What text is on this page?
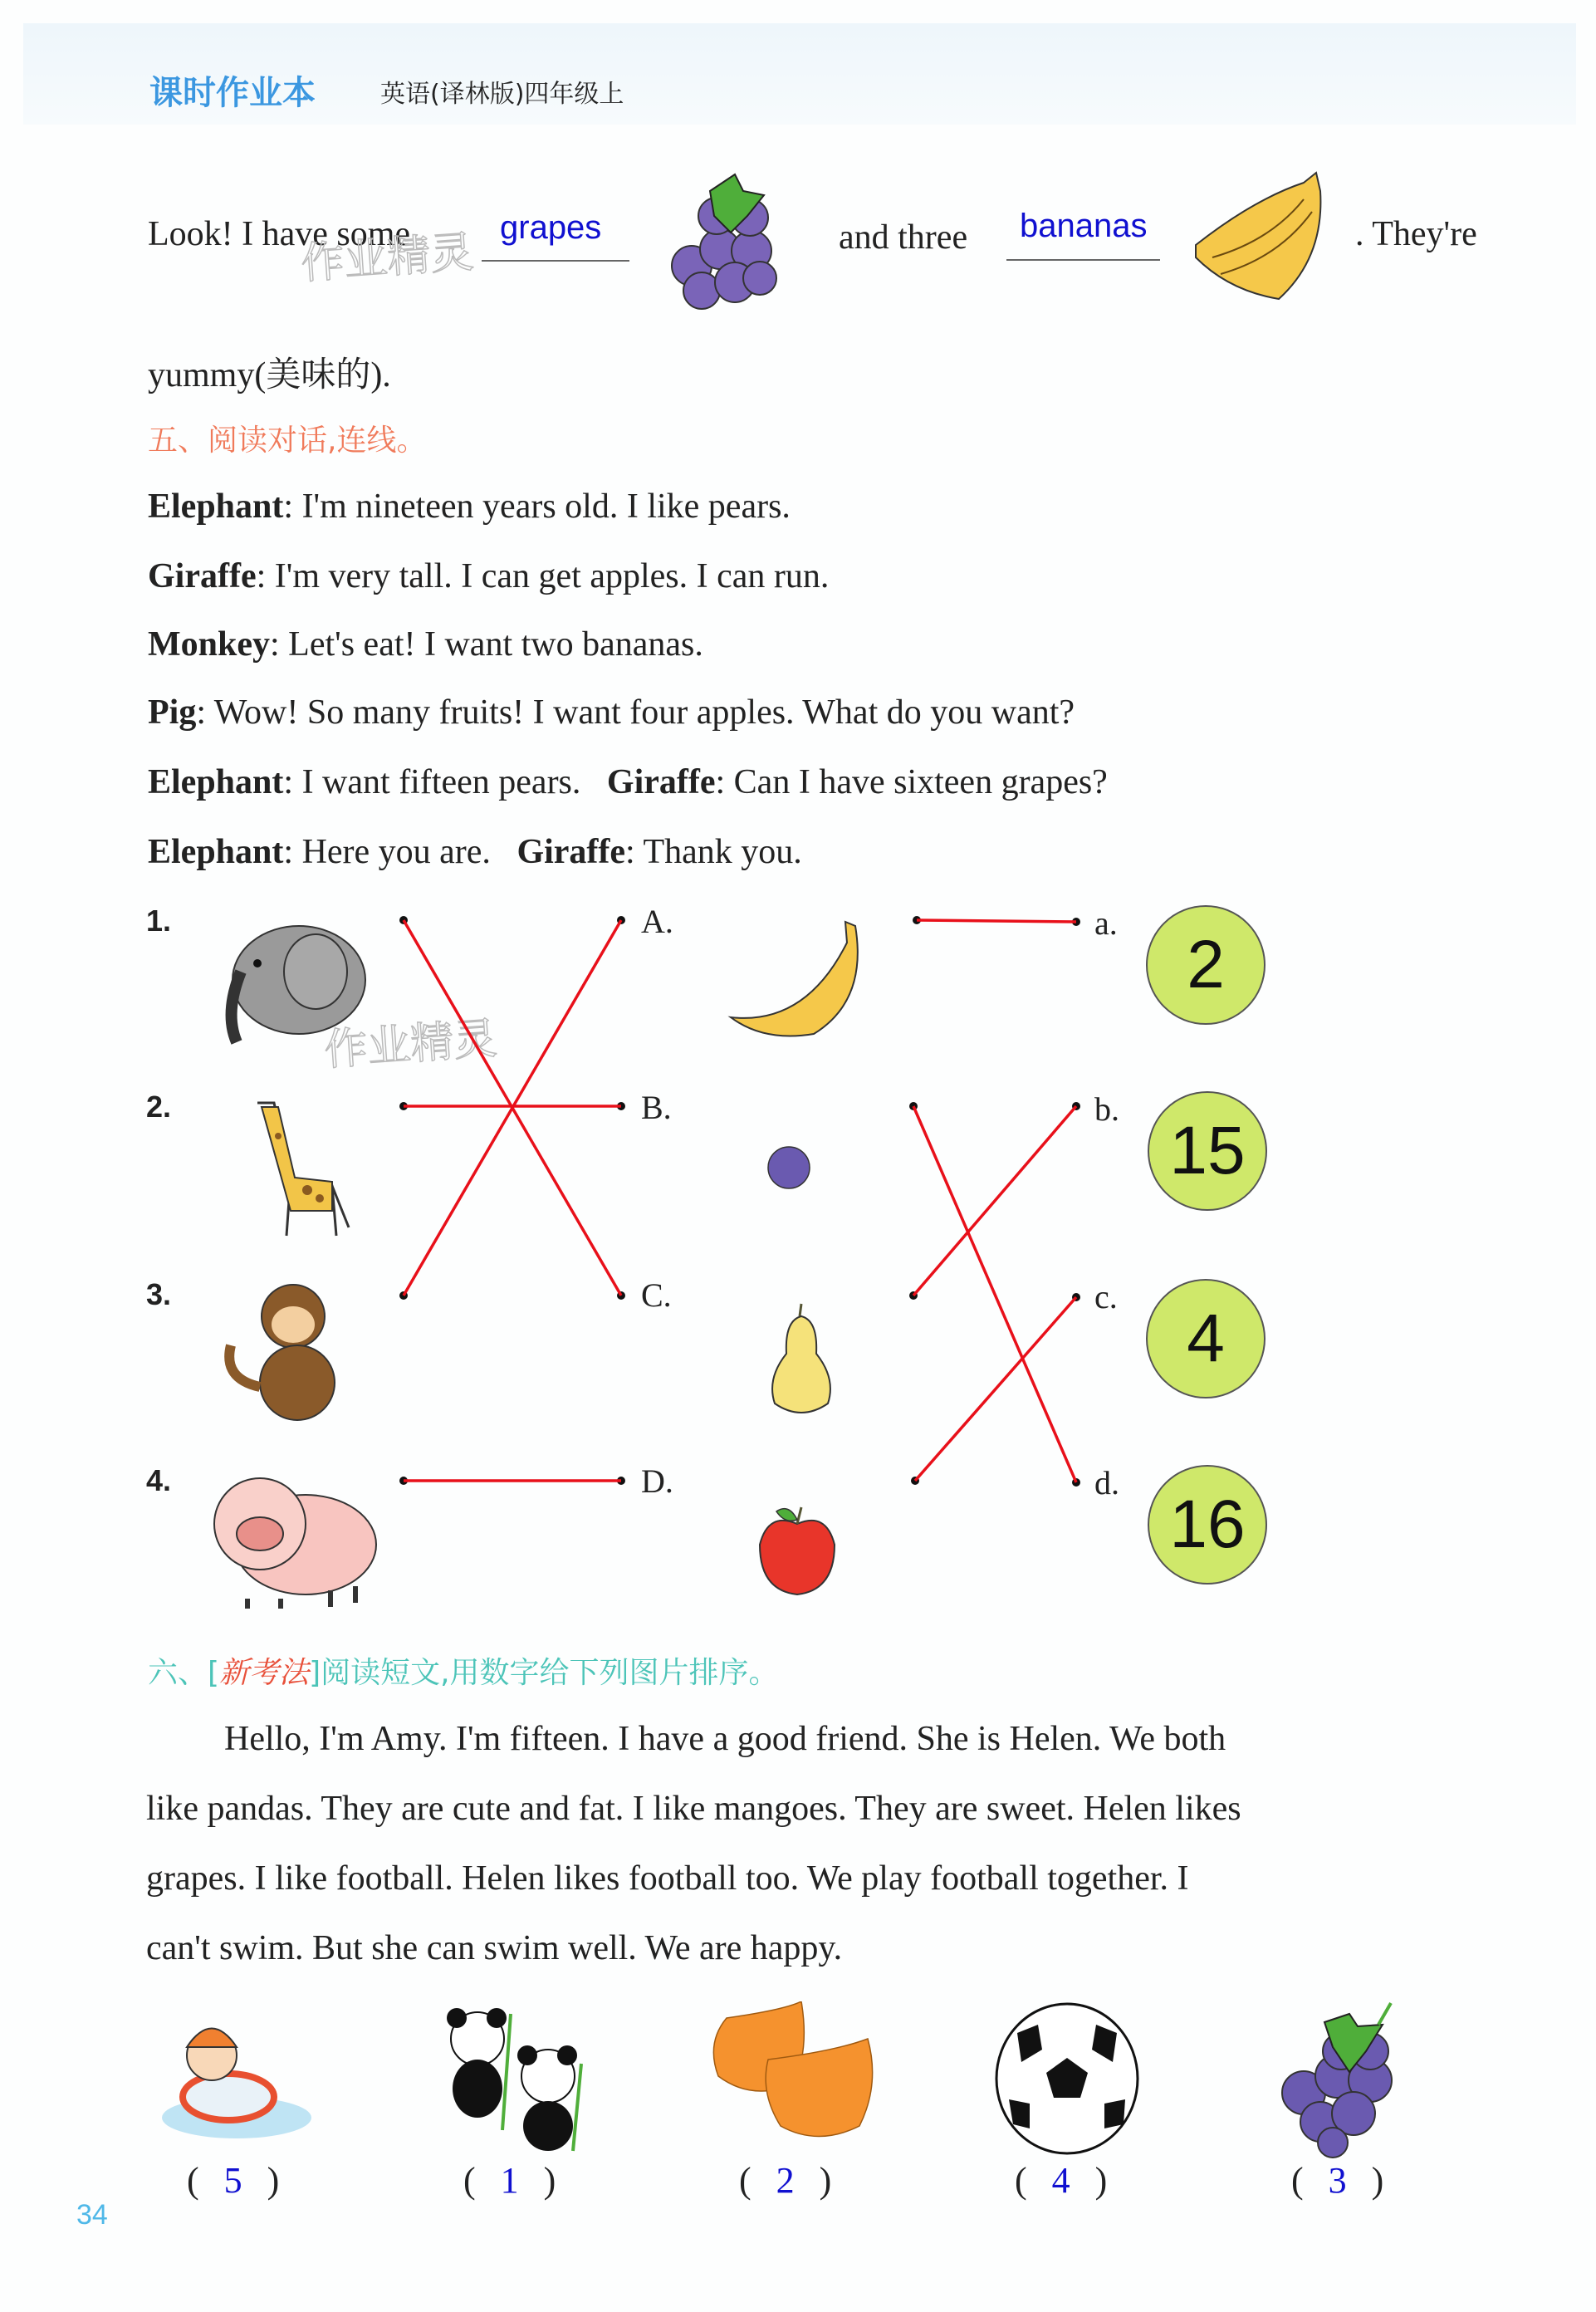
课时作业本	英语(译林版)四年级上
Look! I have some	grapes	and three bananas	. They're
yummy(美味的).
作业精灵
五、阅读对话,连线。
Elephant: I'm nineteen years old. I like pears.
Giraffe: I'm very tall. I can get apples. I can run.
Monkey: Let's eat! I want two bananas.
Pig: Wow! So many fruits! I want four apples. What do you want?
Elephant: I want fifteen pears. Giraffe: Can I have sixteen grapes?
Elephant: Here you are. Giraffe: Thank you.
1.
2.
3.
4.
作业精灵
A.
B.
C.
D.
a.
b.
c.
d.
2
15
4
16
六、[新考法]阅读短文,用数字给下列图片排序。
Hello, I'm Amy. I'm fifteen. I have a good friend. She is Helen. We both
like pandas. They are cute and fat. I like mangoes. They are sweet. Helen likes
grapes. I like football. Helen likes football too. We play football together. I
can't swim. But she can swim well. We are happy.
( 5 )	( 1 )	( 2 )	( 4 )	( 3 )
34
